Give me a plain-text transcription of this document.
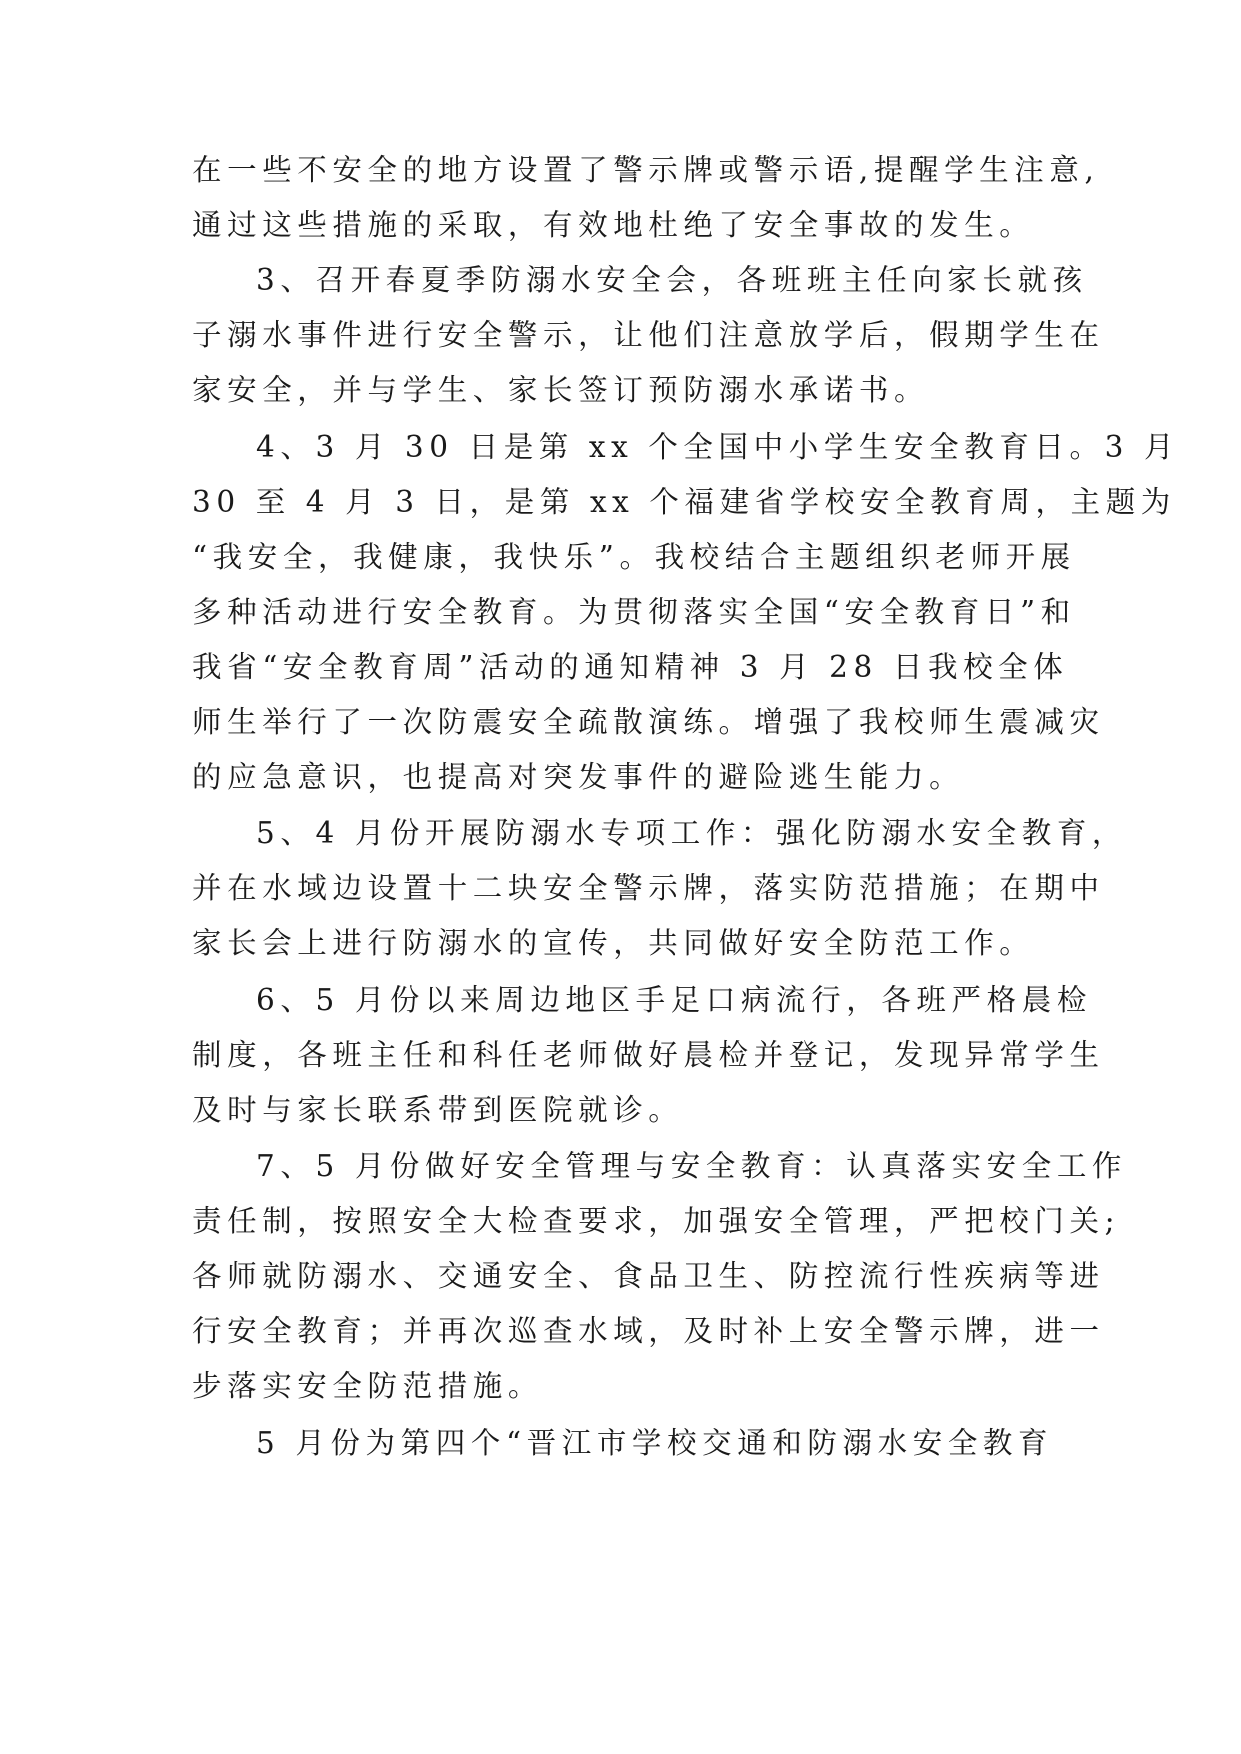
在一些不安全的地方设置了警示牌或警示语,提醒学生注意,

通过这些措施的采取，有效地杜绝了安全事故的发生。

3、召开春夏季防溺水安全会，各班班主任向家长就孩

子溺水事件进行安全警示，让他们注意放学后，假期学生在

家安全，并与学生、家长签订预防溺水承诺书。

4、3 月 30 日是第 xx 个全国中小学生安全教育日。3 月

30 至 4 月 3 日，是第 xx 个福建省学校安全教育周，主题为

“我安全，我健康，我快乐”。我校结合主题组织老师开展

多种活动进行安全教育。为贯彻落实全国“安全教育日”和

我省“安全教育周”活动的通知精神 3 月 28 日我校全体

师生举行了一次防震安全疏散演练。增强了我校师生震减灾

的应急意识，也提高对突发事件的避险逃生能力。

5、4 月份开展防溺水专项工作：强化防溺水安全教育，

并在水域边设置十二块安全警示牌，落实防范措施；在期中

家长会上进行防溺水的宣传，共同做好安全防范工作。

6、5 月份以来周边地区手足口病流行，各班严格晨检

制度，各班主任和科任老师做好晨检并登记，发现异常学生

及时与家长联系带到医院就诊。

7、5 月份做好安全管理与安全教育：认真落实安全工作

责任制，按照安全大检查要求，加强安全管理，严把校门关;

各师就防溺水、交通安全、食品卫生、防控流行性疾病等进

行安全教育；并再次巡查水域，及时补上安全警示牌，进一

步落实安全防范措施。

5 月份为第四个“晋江市学校交通和防溺水安全教育
